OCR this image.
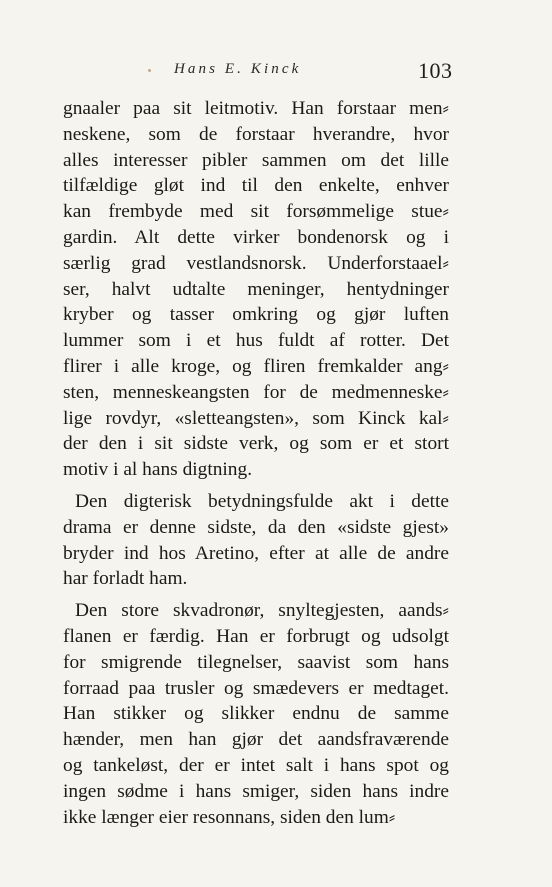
Hans E. Kinck	103
gnaaler paa sit leitmotiv. Han forstaar men⸗
neskene, som de forstaar hverandre, hvor
alles interesser pibler sammen om det lille
tilfældige gløt ind til den enkelte, enhver
kan frembyde med sit forsømmelige stue⸗
gardin. Alt dette virker bondenorsk og i
særlig grad vestlandsnorsk. Underforstaael⸗
ser, halvt udtalte meninger, hentydninger
kryber og tasser omkring og gjør luften
lummer som i et hus fuldt af rotter. Det
flirer i alle kroge, og fliren fremkalder ang⸗
sten, menneskeangsten for de medmenneske⸗
lige rovdyr, «sletteangsten», som Kinck kal⸗
der den i sit sidste verk, og som er et stort
motiv i al hans digtning.
Den digterisk betydningsfulde akt i dette
drama er denne sidste, da den «sidste gjest»
bryder ind hos Aretino, efter at alle de andre
har forladt ham.
Den store skvadronør, snyltegjesten, aands⸗
flanen er færdig. Han er forbrugt og udsolgt
for smigrende tilegnelser, saavist som hans
forraad paa trusler og smædevers er medtaget.
Han stikker og slikker endnu de samme
hænder, men han gjør det aandsfraværende
og tankeløst, der er intet salt i hans spot og
ingen sødme i hans smiger, siden hans indre
ikke længer eier resonnans, siden den lum⸗
